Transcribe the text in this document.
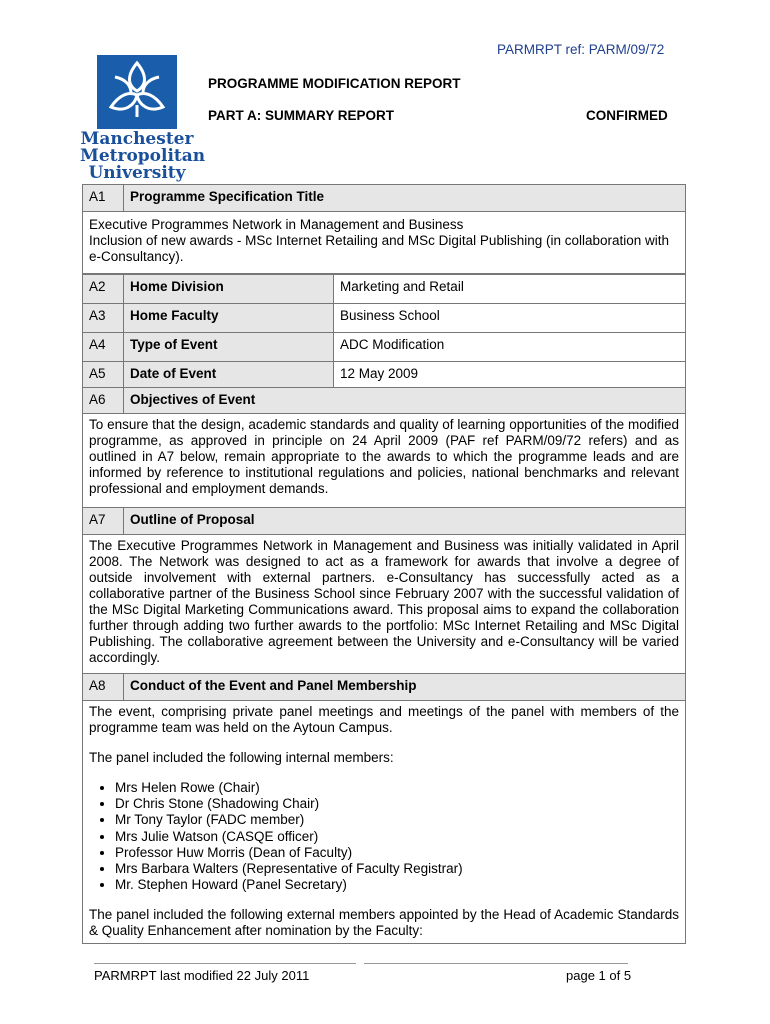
PARMRPT ref: PARM/09/72
Manchester
Metropolitan
University
PROGRAMME MODIFICATION REPORT
PART A: SUMMARY REPORT	CONFIRMED
A1	Programme Specification Title

Executive Programmes Network in Management and Business
Inclusion of new awards - MSc Internet Retailing and MSc Digital Publishing (in collaboration with e-Consultancy).
A2	Home Division	Marketing and Retail
A3	Home Faculty	Business School
A4	Type of Event	ADC Modification
A5	Date of Event	12 May 2009
A6	Objectives of Event
To ensure that the design, academic standards and quality of learning opportunities of the modified programme, as approved in principle on 24 April 2009 (PAF ref PARM/09/72 refers) and as outlined in A7 below, remain appropriate to the awards to which the programme leads and are informed by reference to institutional regulations and policies, national benchmarks and relevant professional and employment demands.
A7	Outline of Proposal
The Executive Programmes Network in Management and Business was initially validated in April 2008. The Network was designed to act as a framework for awards that involve a degree of outside involvement with external partners. e-Consultancy has successfully acted as a collaborative partner of the Business School since February 2007 with the successful validation of the MSc Digital Marketing Communications award. This proposal aims to expand the collaboration further through adding two further awards to the portfolio: MSc Internet Retailing and MSc Digital Publishing. The collaborative agreement between the University and e-Consultancy will be varied accordingly.
A8	Conduct of the Event and Panel Membership

The event, comprising private panel meetings and meetings of the panel with members of the programme team was held on the Aytoun Campus.

The panel included the following internal members:

• Mrs Helen Rowe (Chair)
• Dr Chris Stone (Shadowing Chair)
• Mr Tony Taylor (FADC member)
• Mrs Julie Watson (CASQE officer)
• Professor Huw Morris (Dean of Faculty)
• Mrs Barbara Walters (Representative of Faculty Registrar)
• Mr. Stephen Howard (Panel Secretary)

The panel included the following external members appointed by the Head of Academic Standards & Quality Enhancement after nomination by the Faculty:

PARMRPT last modified 22 July 2011	page 1 of 5
